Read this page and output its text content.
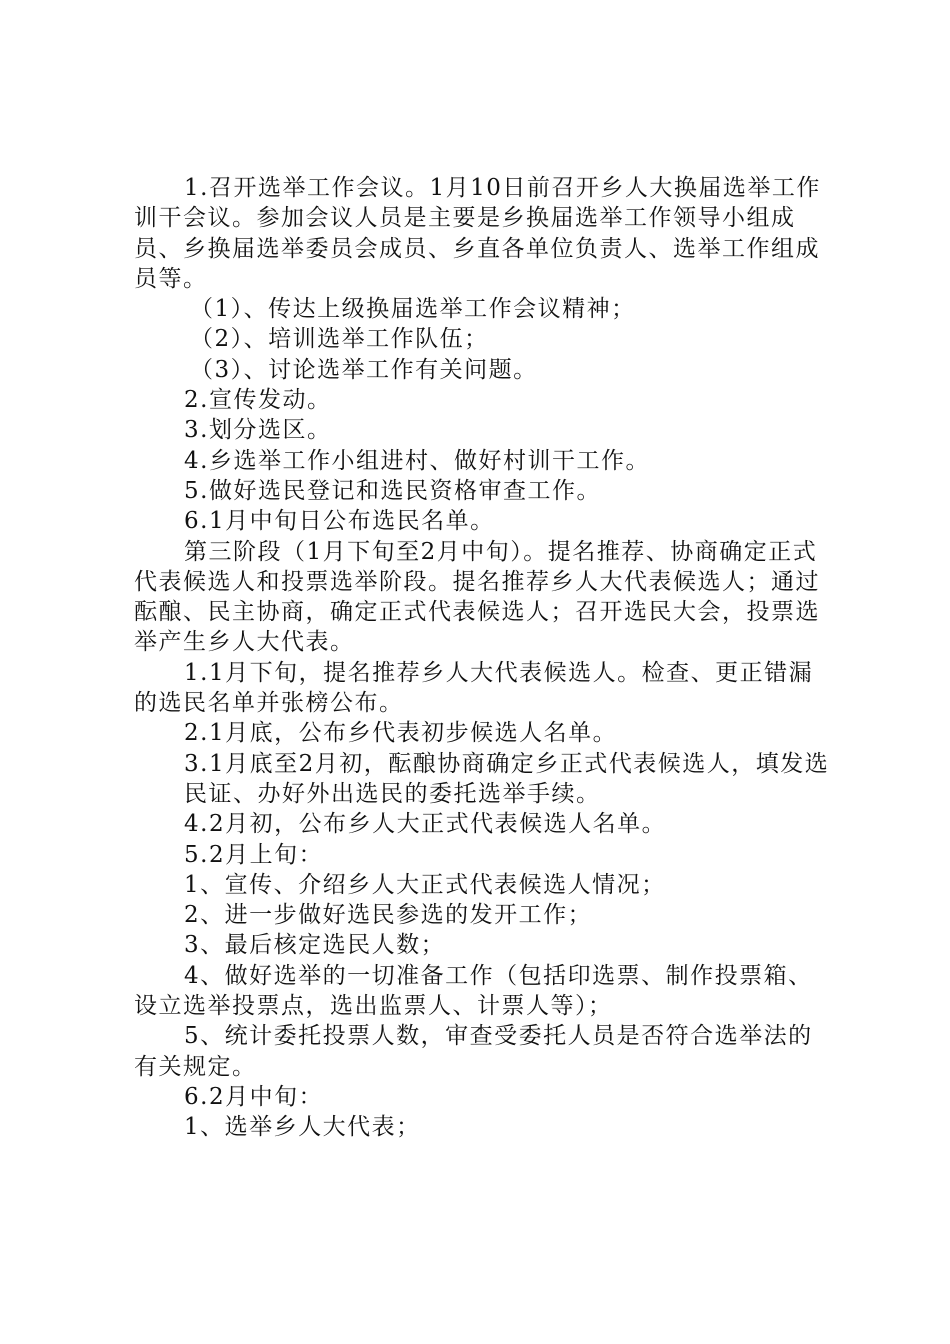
1.召开选举工作会议。1月10日前召开乡人大换届选举工作训干会议。参加会议人员是主要是乡换届选举工作领导小组成员、乡换届选举委员会成员、乡直各单位负责人、选举工作组成员等。

（1）、传达上级换届选举工作会议精神；

（2）、培训选举工作队伍；

（3）、讨论选举工作有关问题。

2.宣传发动。

3.划分选区。

4.乡选举工作小组进村、做好村训干工作。

5.做好选民登记和选民资格审查工作。

6.1月中旬日公布选民名单。

第三阶段（1月下旬至2月中旬）。提名推荐、协商确定正式代表候选人和投票选举阶段。提名推荐乡人大代表候选人；通过酝酿、民主协商，确定正式代表候选人；召开选民大会，投票选举产生乡人大代表。

1.1月下旬，提名推荐乡人大代表候选人。检查、更正错漏的选民名单并张榜公布。

2.1月底，公布乡代表初步候选人名单。

3.1月底至2月初，酝酿协商确定乡正式代表候选人，填发选

民证、办好外出选民的委托选举手续。

4.2月初，公布乡人大正式代表候选人名单。

5.2月上旬：

1、宣传、介绍乡人大正式代表候选人情况；

2、进一步做好选民参选的发开工作；

3、最后核定选民人数；

4、做好选举的一切准备工作（包括印选票、制作投票箱、设立选举投票点，选出监票人、计票人等）；

5、统计委托投票人数，审查受委托人员是否符合选举法的有关规定。

6.2月中旬：

1、选举乡人大代表；
